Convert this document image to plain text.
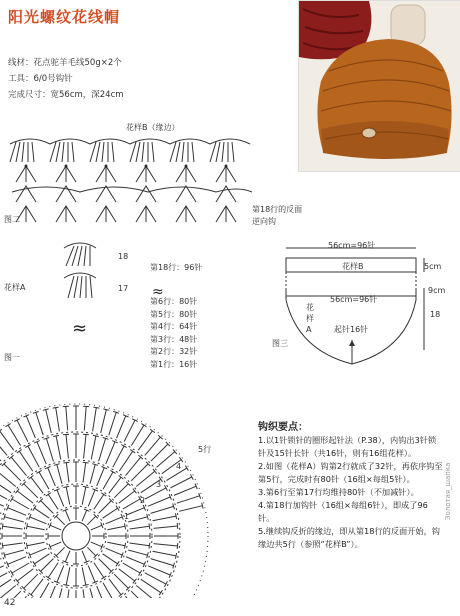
阳光螺纹花线帽
线材：花点驼羊毛线50g×2个
工具：6/0号钩针
完成尺寸：宽56cm，深24cm
花样B（缘边）
图二
第18行的反面
逆向钩
18
17
花样A
≈
≈
第18行：96针
第6行：80针
第5行：80针
第4行：64针
第3行：48针
第2行：32针
第1行：16针
56cm=96针
花样B
56cm=96针
花样A	起针16针
5cm
9cm
18
图三
图一
5行
4
3
2
1
钩织要点：
1.以1针锁针的圈形起针法（P.38），内钩出3针锁针及15针长针（共16针，则有16组花样）。
2.如图（花样A）钩第2行就成了32针，再依序钩至第5行，完成时有80针（16组×每组5针）。
3.第6行至第17行均维持80针（不加减针）。
4.第18行加钩针（16组×每组6针），即成了96针。
5.继续钩反折的缘边，即从第18行的反面开始，钩缘边共5行（参照“花样B”）。
42
Золотая_шапка
